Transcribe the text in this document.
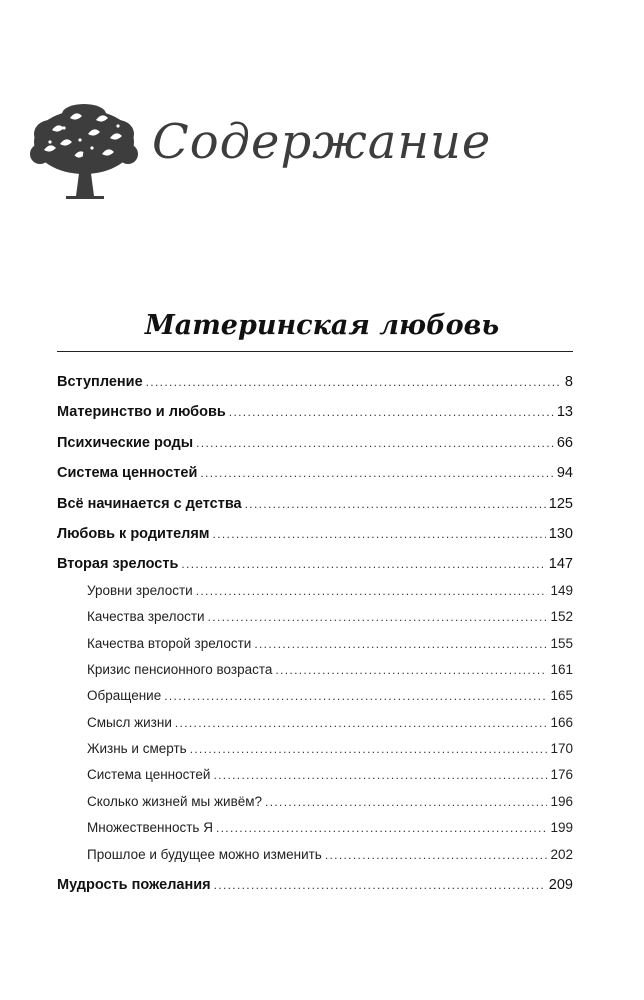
Содержание
Материнская любовь
Вступление . . .	8
Материнство и любовь . . .	13
Психические роды . . .	66
Система ценностей . . .	94
Всё начинается с детства . . .	125
Любовь к родителям . . .	130
Вторая зрелость . . .	147
Уровни зрелости . . .	149
Качества зрелости . . .	152
Качества второй зрелости . . .	155
Кризис пенсионного возраста . . .	161
Обращение . . .	165
Смысл жизни . . .	166
Жизнь и смерть . . .	170
Система ценностей . . .	176
Сколько жизней мы живём? . . .	196
Множественность Я . . .	199
Прошлое и будущее можно изменить . . .	202
Мудрость пожелания . . .	209
